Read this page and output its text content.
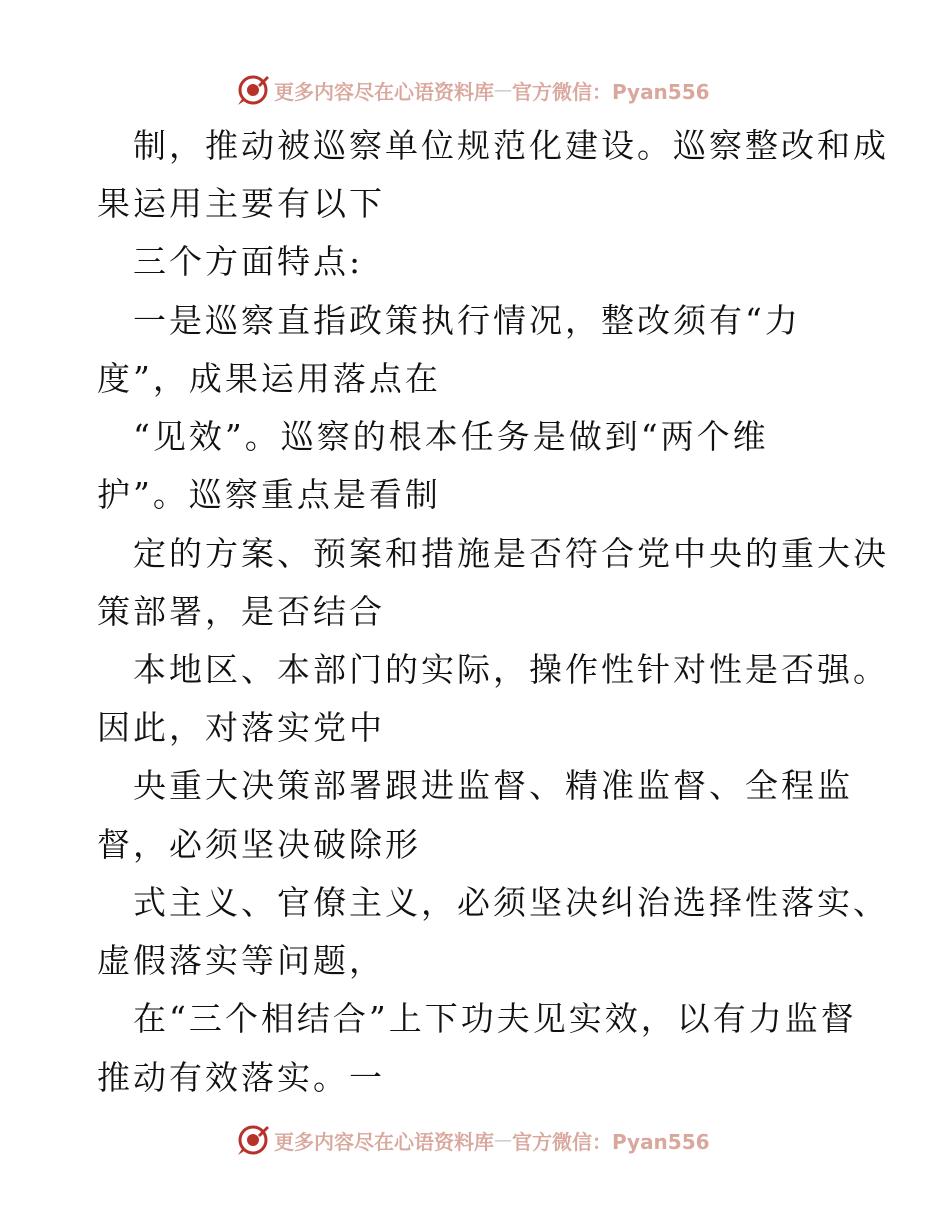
更多内容尽在心语资料库 — 官方微信：Pyan556
　制，推动被巡察单位规范化建设。巡察整改和成
果运用主要有以下
　三个方面特点:
　一是巡察直指政策执行情况，整改须有“力
度”，成果运用落点在
　“见效”。巡察的根本任务是做到“两个维
护”。巡察重点是看制
　定的方案、预案和措施是否符合党中央的重大决
策部署，是否结合
　本地区、本部门的实际，操作性针对性是否强。
因此，对落实党中
　央重大决策部署跟进监督、精准监督、全程监
督，必须坚决破除形
　式主义、官僚主义，必须坚决纠治选择性落实、
虚假落实等问题，
　在“三个相结合”上下功夫见实效，以有力监督
推动有效落实。一
更多内容尽在心语资料库 — 官方微信：Pyan556
